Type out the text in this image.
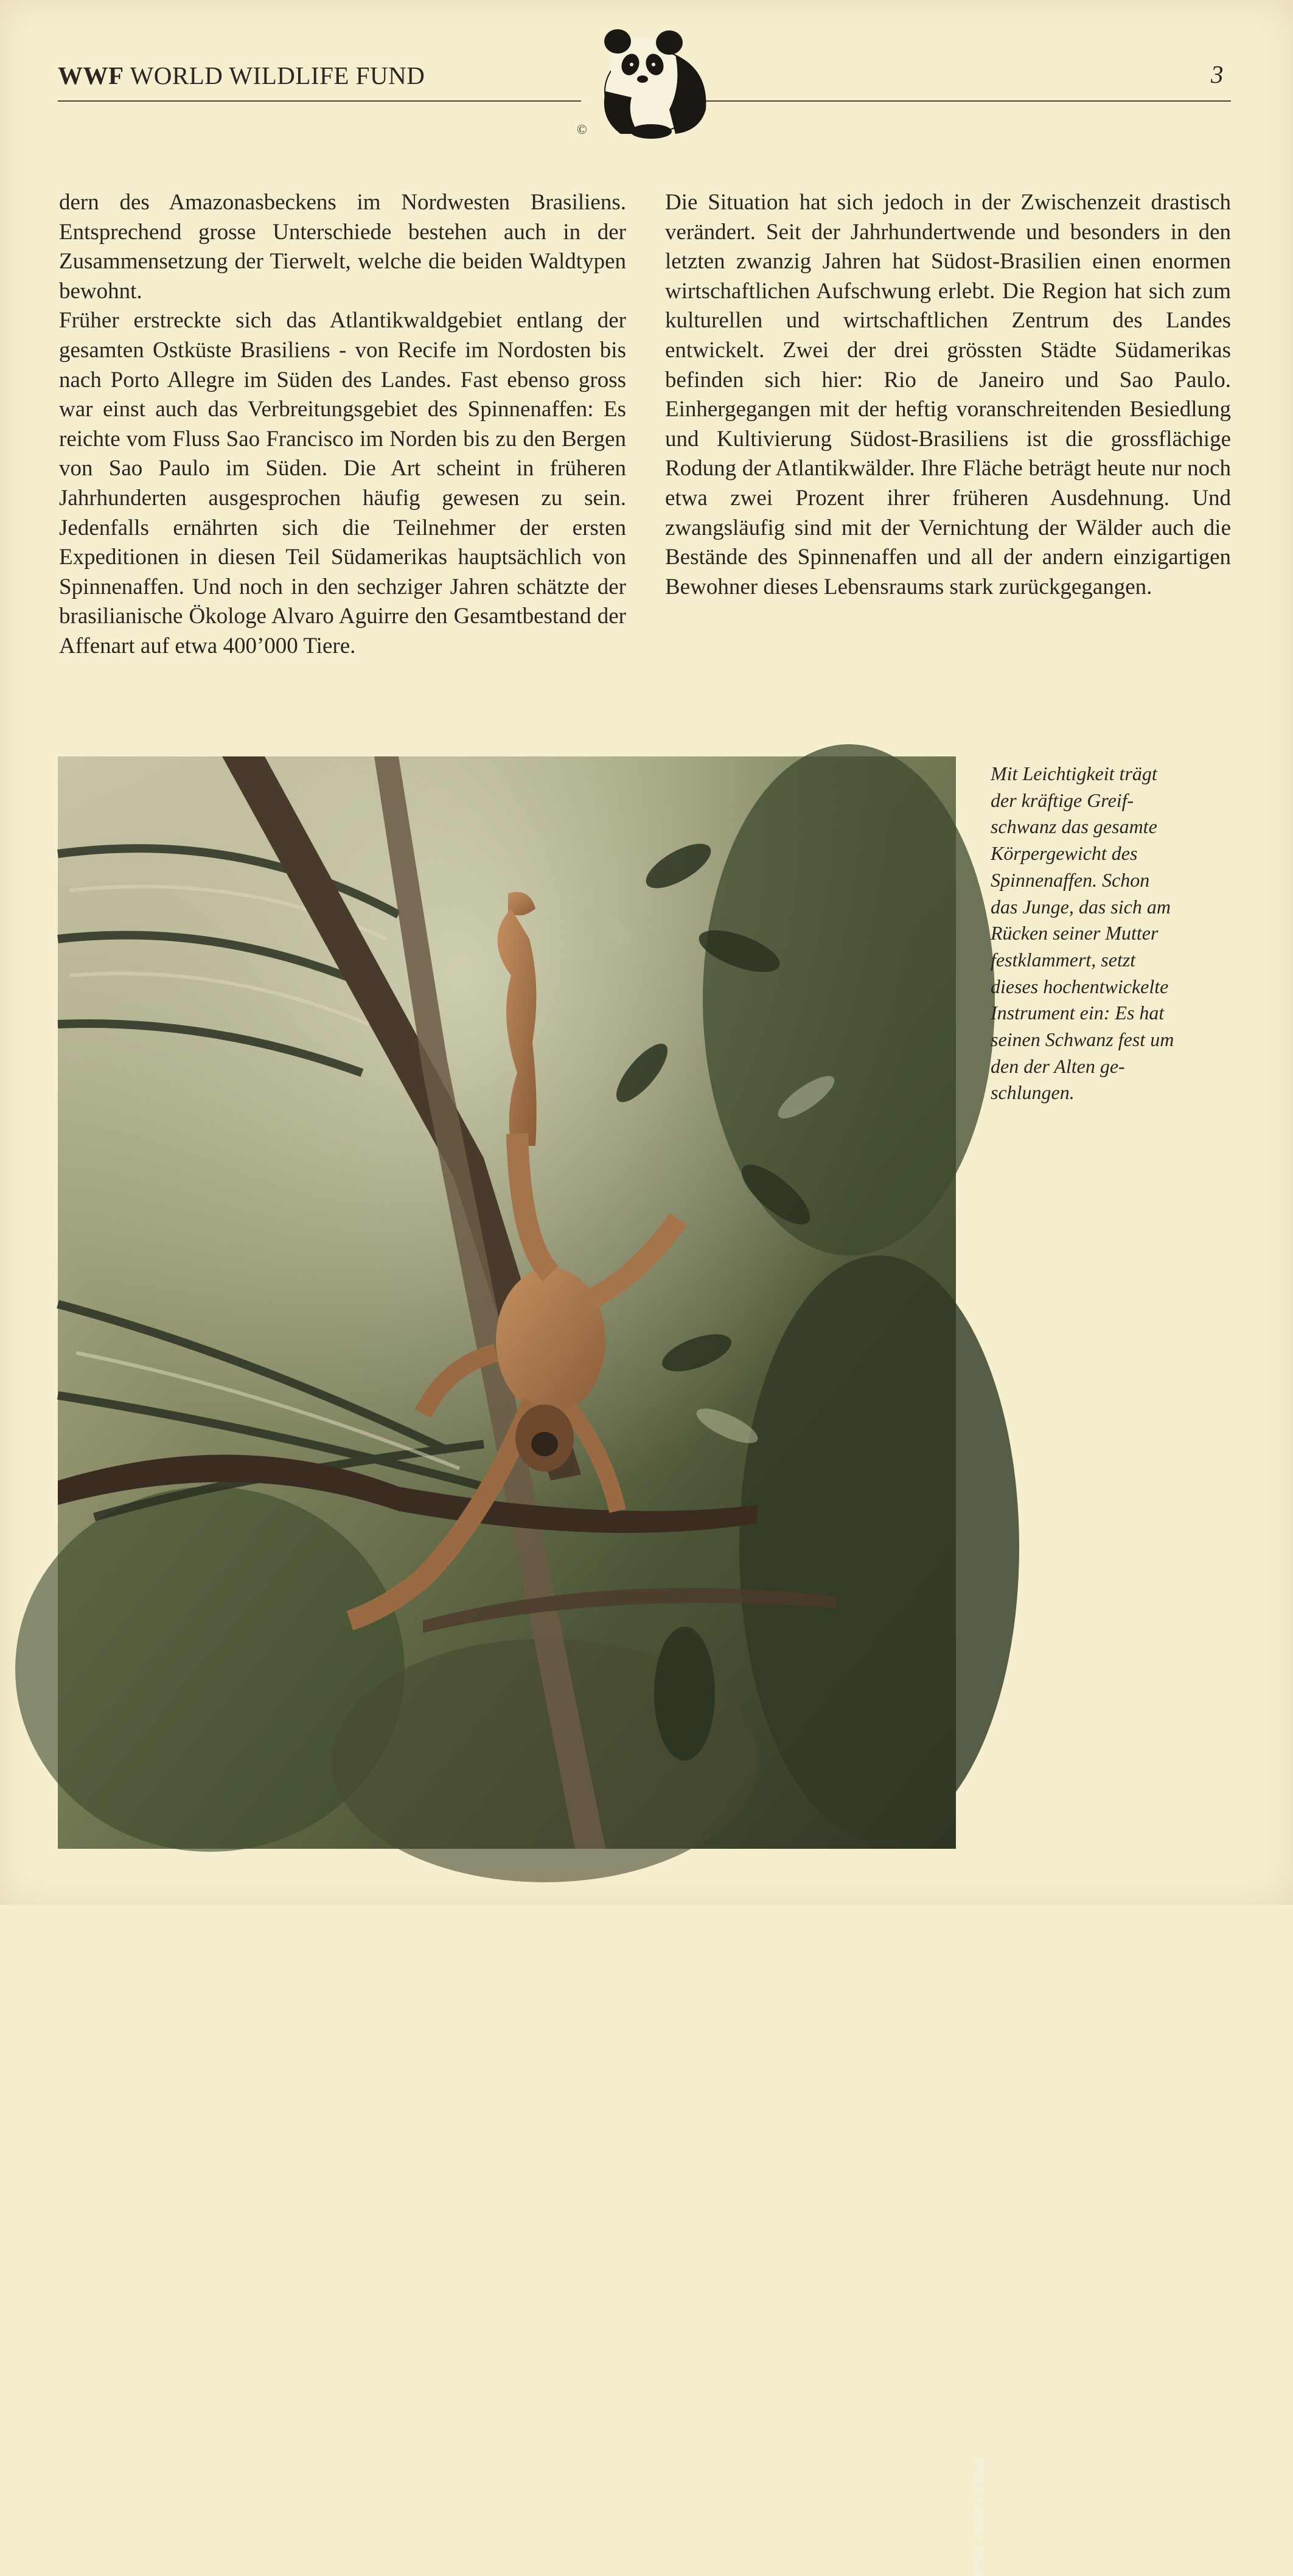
WWF WORLD WILDLIFE FUND
©
3

dern des Amazonasbeckens im Nordwesten Brasiliens. Entsprechend grosse Unterschiede bestehen auch in der Zusammensetzung der Tierwelt, welche die beiden Waldtypen bewohnt.

Früher erstreckte sich das Atlantikwaldgebiet entlang der gesamten Ostküste Brasiliens - von Recife im Nordosten bis nach Porto Allegre im Süden des Landes. Fast ebenso gross war einst auch das Verbreitungsgebiet des Spinnenaffen: Es reichte vom Fluss Sao Francisco im Norden bis zu den Bergen von Sao Paulo im Süden. Die Art scheint in früheren Jahrhunderten ausgesprochen häufig gewesen zu sein. Jedenfalls ernährten sich die Teilnehmer der ersten Expeditionen in diesen Teil Südamerikas hauptsächlich von Spinnenaffen. Und noch in den sechziger Jahren schätzte der brasilianische Ökologe Alvaro Aguirre den Gesamtbestand der Affenart auf etwa 400’000 Tiere.

Die Situation hat sich jedoch in der Zwischenzeit drastisch verändert. Seit der Jahrhundertwende und besonders in den letzten zwanzig Jahren hat Südost-Brasilien einen enormen wirtschaftlichen Aufschwung erlebt. Die Region hat sich zum kulturellen und wirtschaftlichen Zentrum des Landes entwickelt. Zwei der drei grössten Städte Südamerikas befinden sich hier: Rio de Janeiro und Sao Paulo. Einhergegangen mit der heftig voranschreitenden Besiedlung und Kultivierung Südost-Brasiliens ist die grossflächige Rodung der Atlantikwälder. Ihre Fläche beträgt heute nur noch etwa zwei Prozent ihrer früheren Ausdehnung. Und zwangsläufig sind mit der Vernichtung der Wälder auch die Bestände des Spinnenaffen und all der andern einzigartigen Bewohner dieses Lebensraums stark zurückgegangen.

Photo: Andrew Young
Mit Leichtigkeit trägt
der kräftige Greif-
schwanz das gesamte
Körpergewicht des
Spinnenaffen. Schon
das Junge, das sich am
Rücken seiner Mutter
festklammert, setzt
dieses hochentwickelte
Instrument ein: Es hat
seinen Schwanz fest um
den der Alten ge-
schlungen.
